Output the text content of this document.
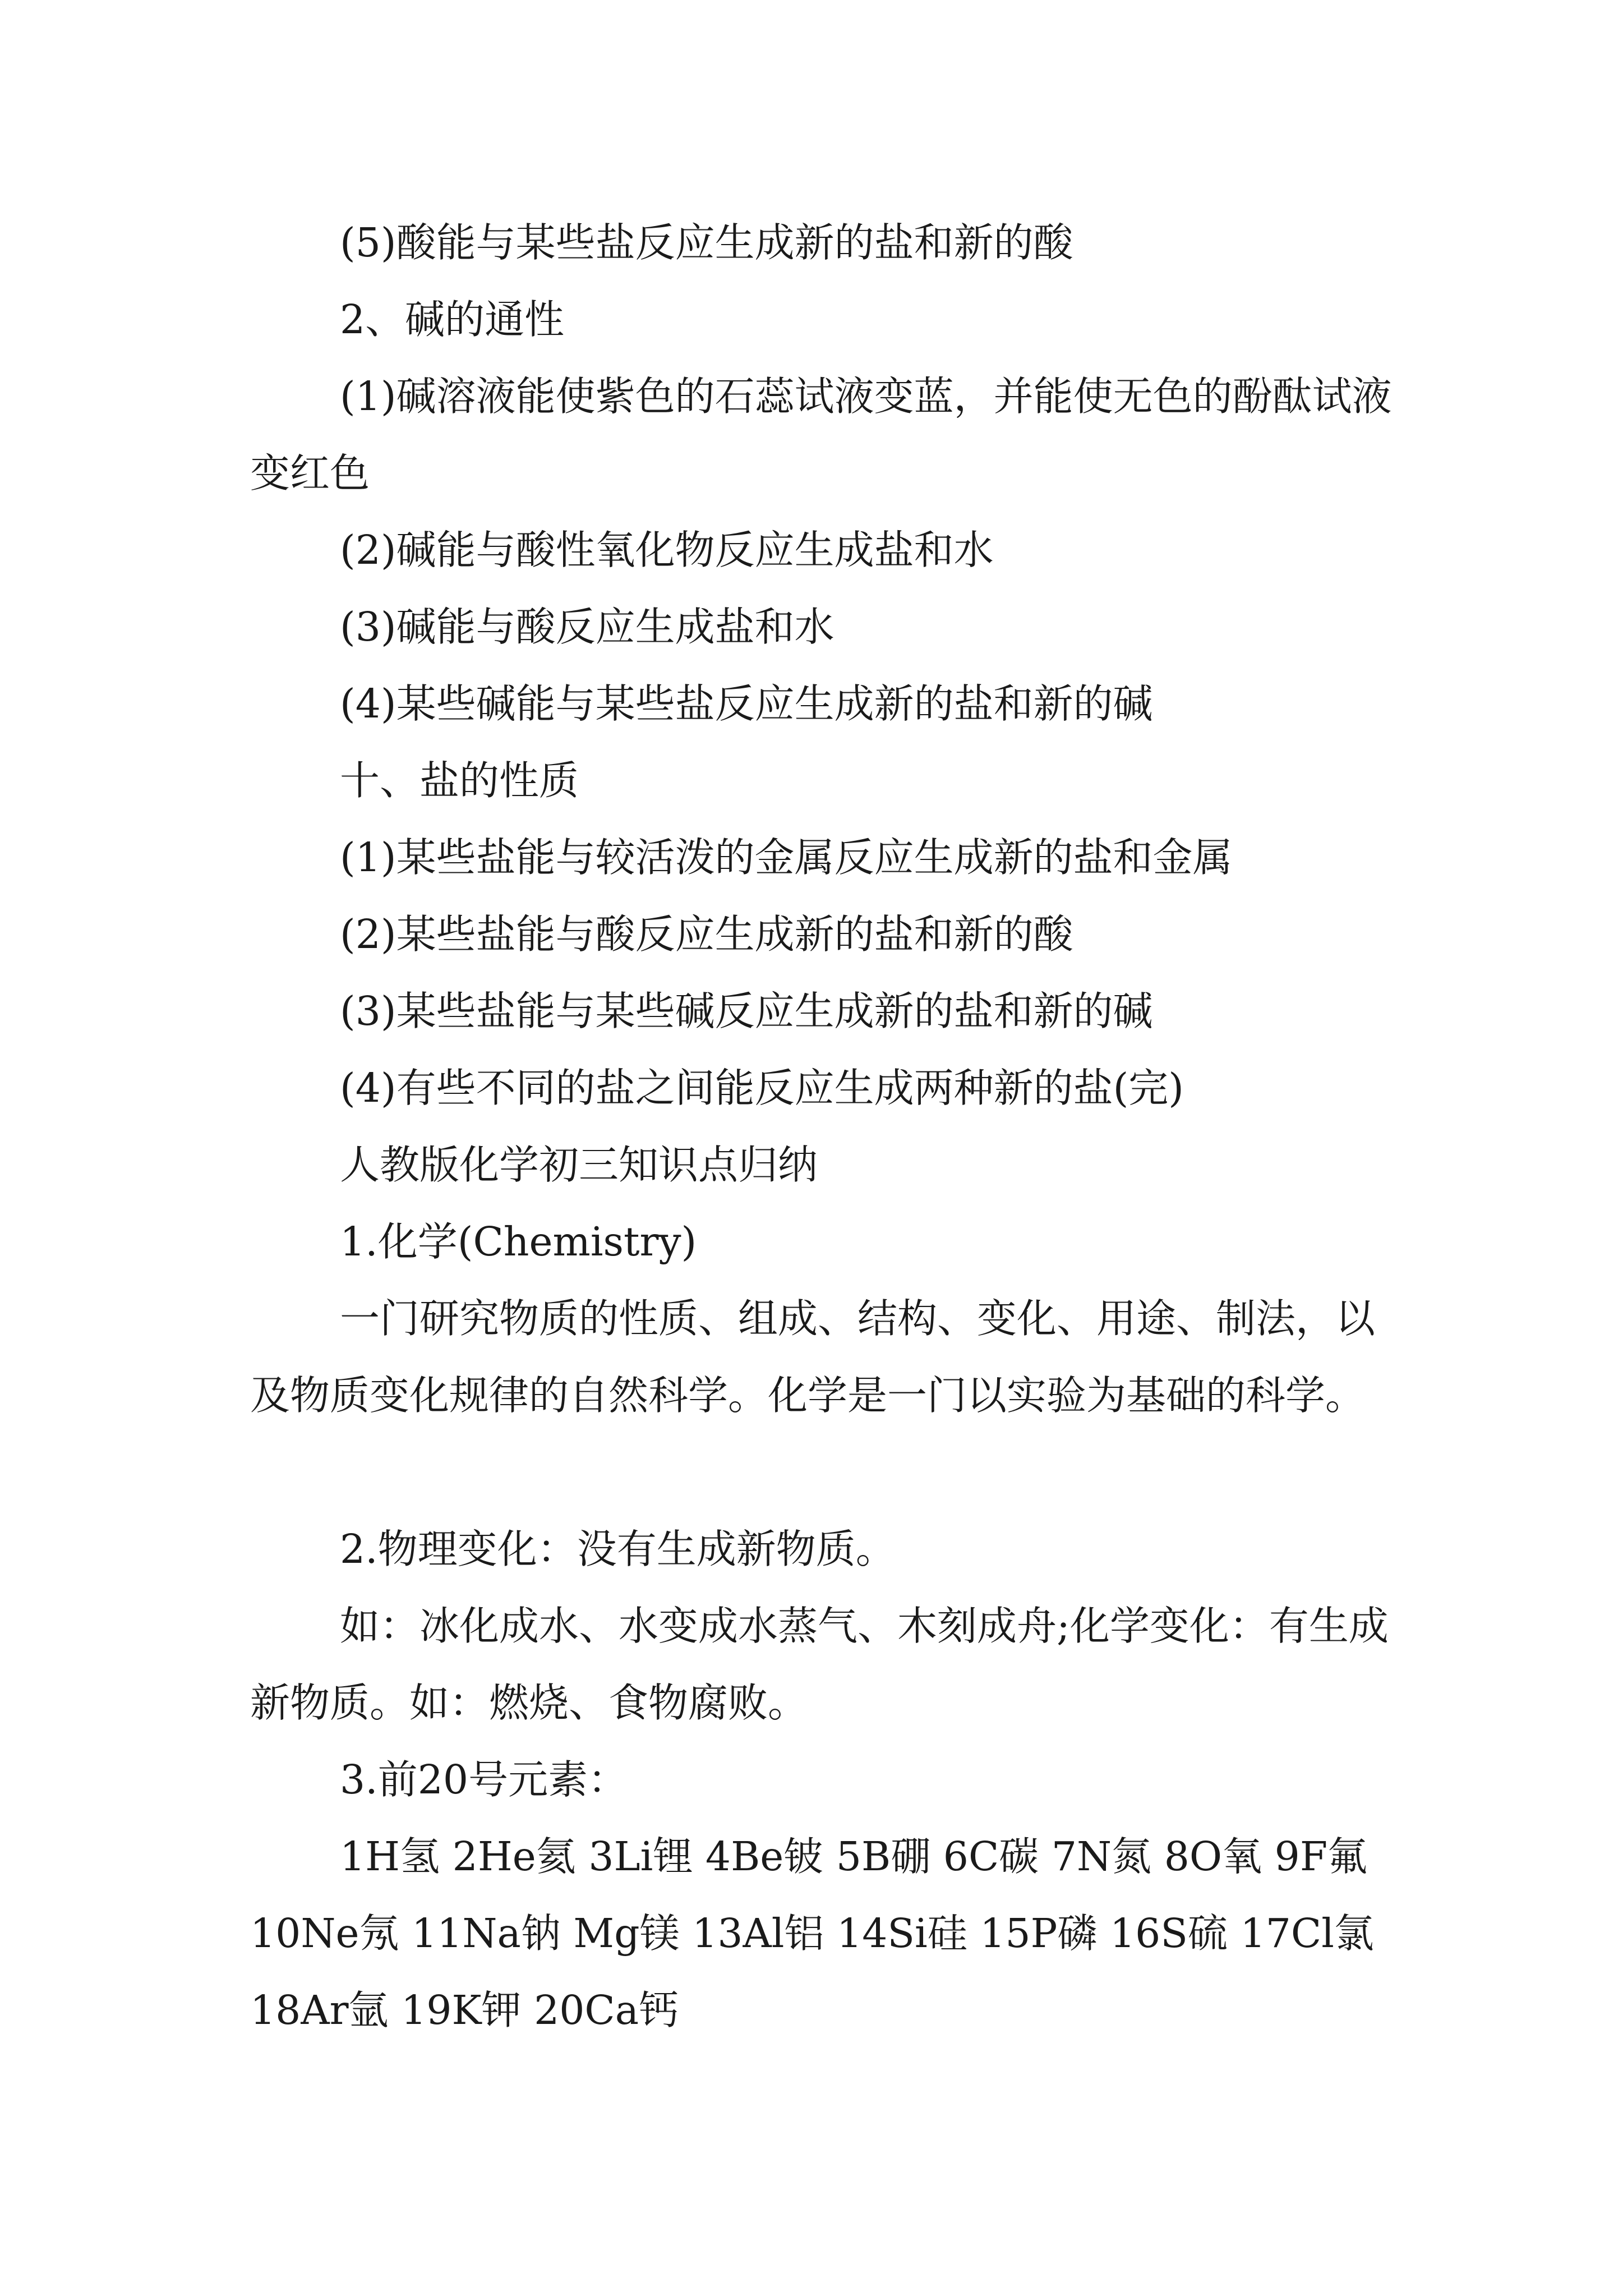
(5)酸能与某些盐反应生成新的盐和新的酸

2、碱的通性

(1)碱溶液能使紫色的石蕊试液变蓝，并能使无色的酚酞试液变红色

(2)碱能与酸性氧化物反应生成盐和水

(3)碱能与酸反应生成盐和水

(4)某些碱能与某些盐反应生成新的盐和新的碱

十、盐的性质

(1)某些盐能与较活泼的金属反应生成新的盐和金属

(2)某些盐能与酸反应生成新的盐和新的酸

(3)某些盐能与某些碱反应生成新的盐和新的碱

(4)有些不同的盐之间能反应生成两种新的盐(完)

人教版化学初三知识点归纳

1.化学(Chemistry)

一门研究物质的性质、组成、结构、变化、用途、制法，以及物质变化规律的自然科学。化学是一门以实验为基础的科学。

2.物理变化：没有生成新物质。

如：冰化成水、水变成水蒸气、木刻成舟;化学变化：有生成新物质。如：燃烧、食物腐败。

3.前20号元素：

1H氢 2He氦 3Li锂 4Be铍 5B硼 6C碳 7N氮 8O氧 9F氟 10Ne氖 11Na钠 Mg镁 13Al铝 14Si硅 15P磷 16S硫 17Cl氯 18Ar氩 19K钾 20Ca钙
